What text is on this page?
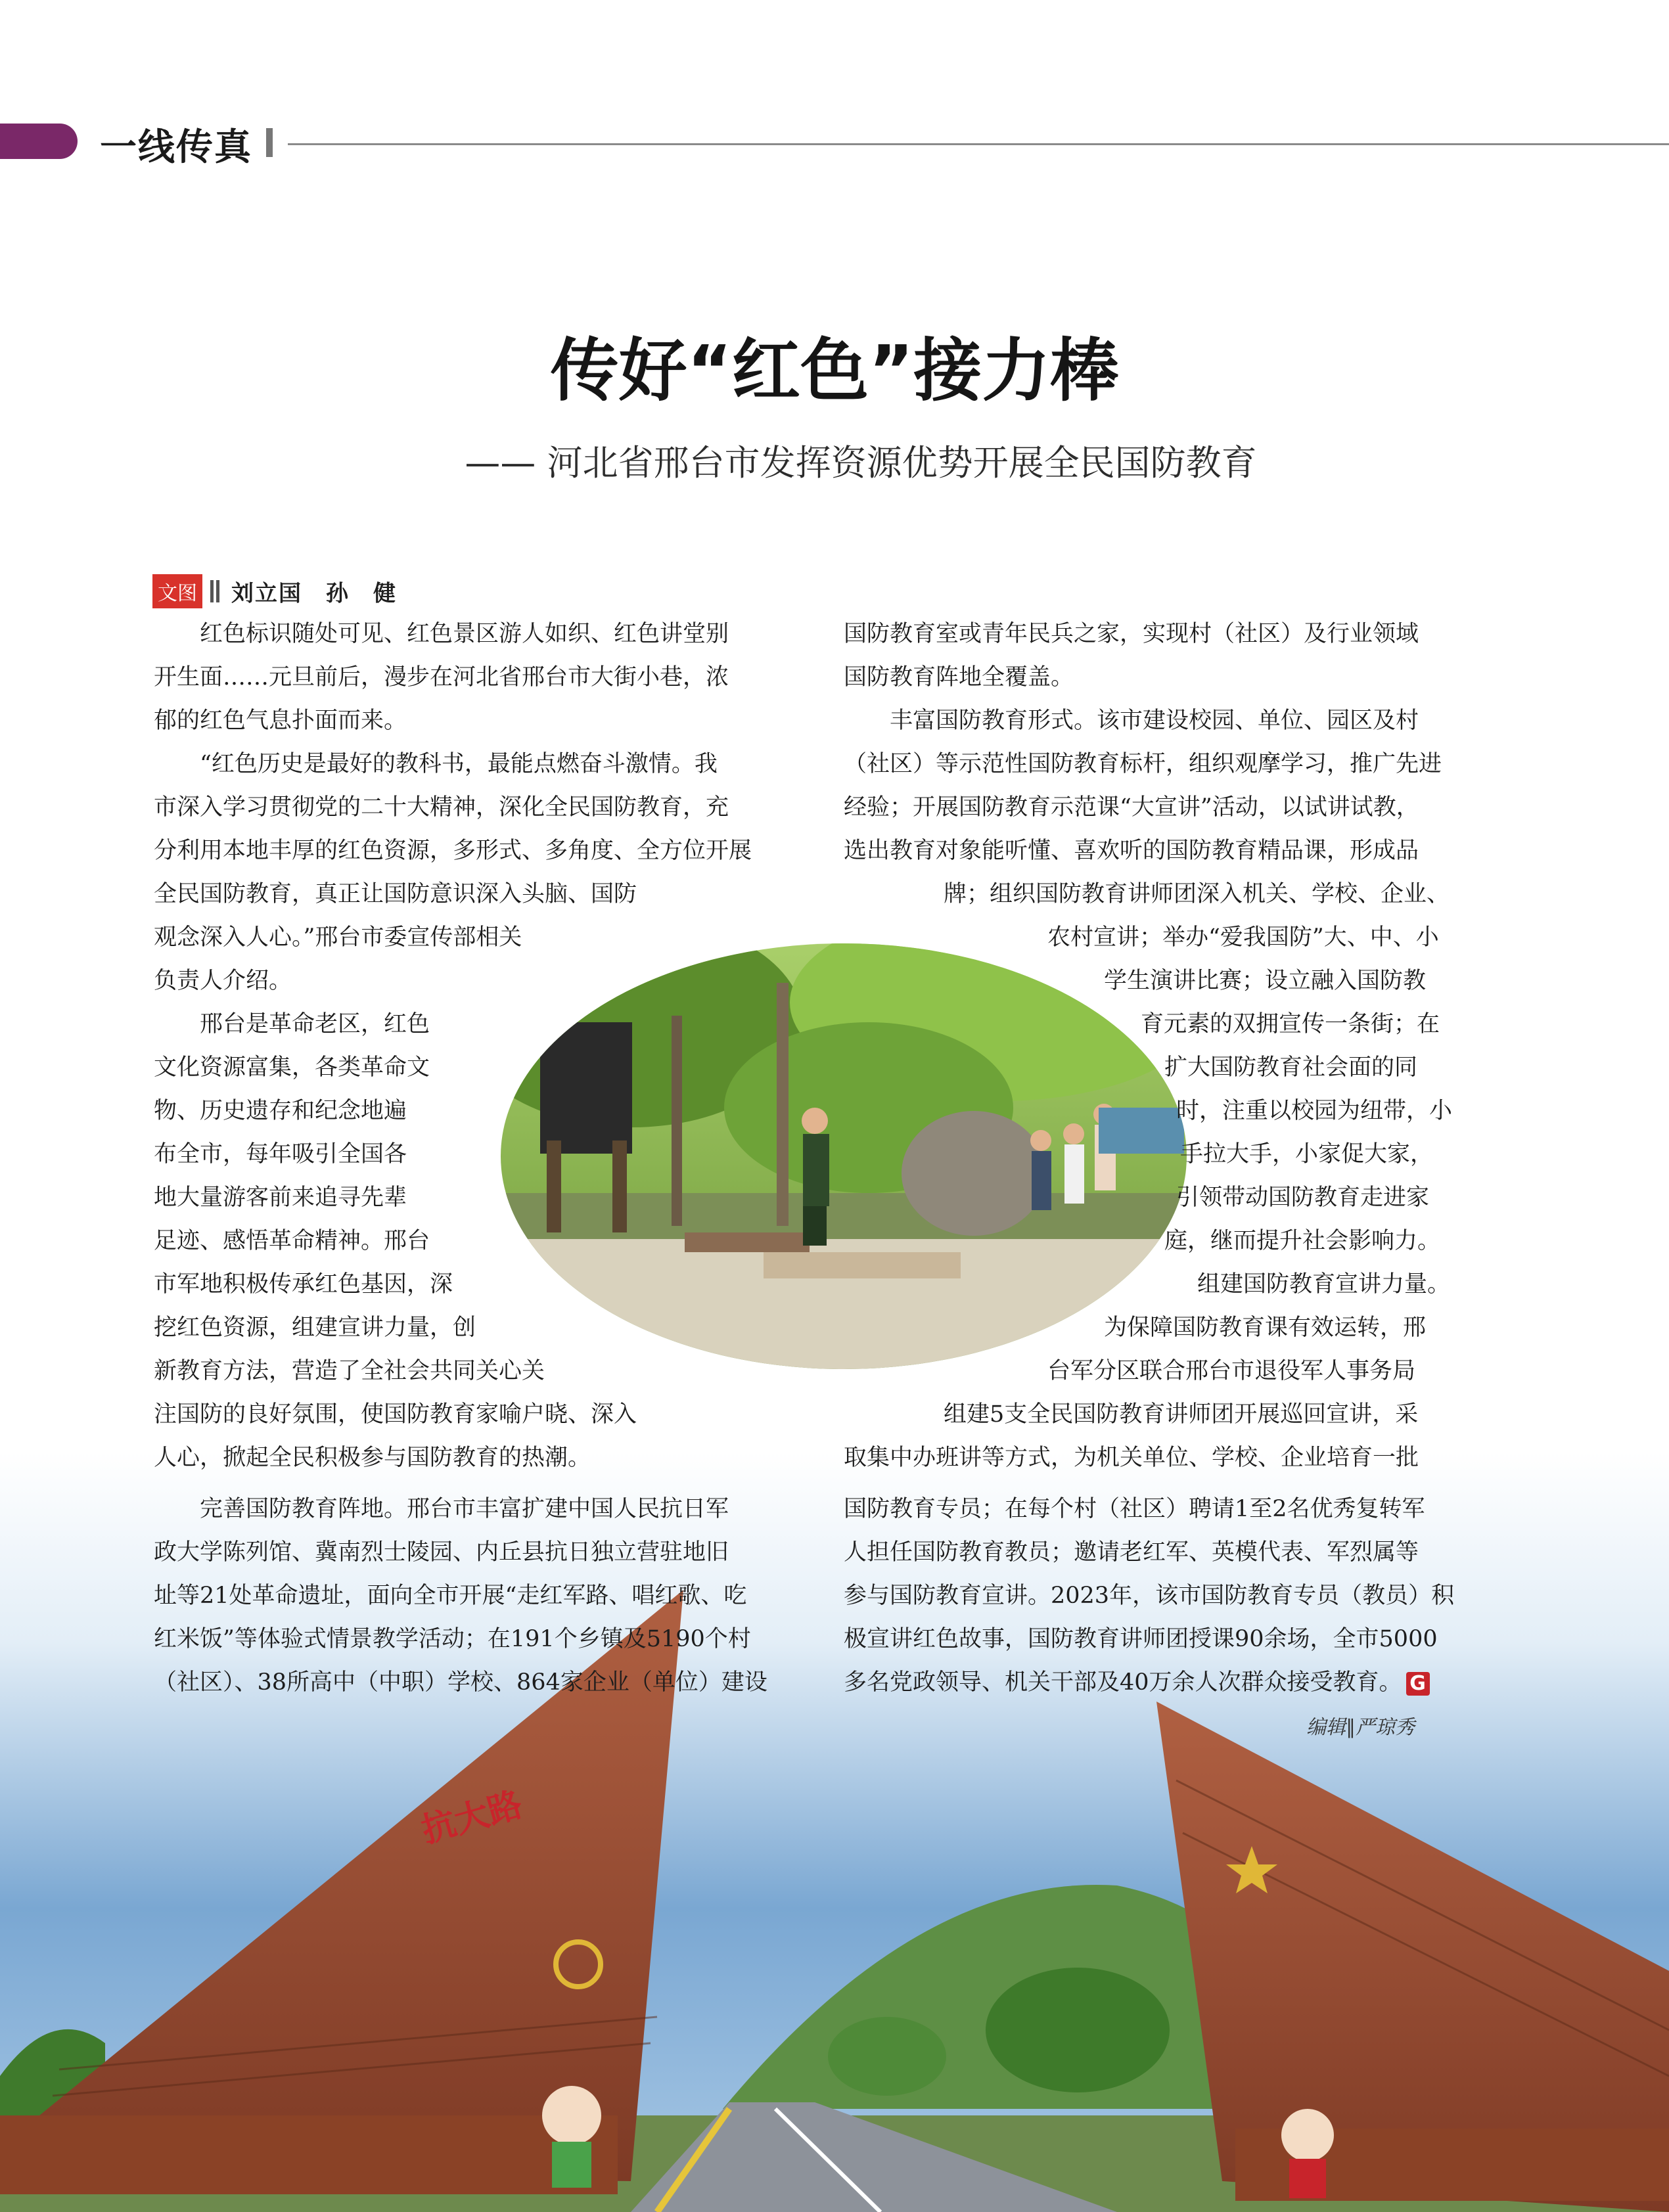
一线传真
传好“红色”接力棒
—— 河北省邢台市发挥资源优势开展全民国防教育
文图 刘立国　孙　健
抗大路
　　红色标识随处可见、红色景区游人如织、红色讲堂别
开生面……元旦前后，漫步在河北省邢台市大街小巷，浓
郁的红色气息扑面而来。
　　“红色历史是最好的教科书，最能点燃奋斗激情。我
市深入学习贯彻党的二十大精神，深化全民国防教育，充
分利用本地丰厚的红色资源，多形式、多角度、全方位开展
全民国防教育，真正让国防意识深入头脑、国防
观念深入人心。”邢台市委宣传部相关
负责人介绍。
　　邢台是革命老区，红色
文化资源富集，各类革命文
物、历史遗存和纪念地遍
布全市，每年吸引全国各
地大量游客前来追寻先辈
足迹、感悟革命精神。邢台
市军地积极传承红色基因，深
挖红色资源，组建宣讲力量，创
新教育方法，营造了全社会共同关心关
注国防的良好氛围，使国防教育家喻户晓、深入
人心，掀起全民积极参与国防教育的热潮。
　　完善国防教育阵地。邢台市丰富扩建中国人民抗日军
政大学陈列馆、冀南烈士陵园、内丘县抗日独立营驻地旧
址等21处革命遗址，面向全市开展“走红军路、唱红歌、吃
红米饭”等体验式情景教学活动；在191个乡镇及5190个村
（社区）、38所高中（中职）学校、864家企业（单位）建设
国防教育室或青年民兵之家，实现村（社区）及行业领域
国防教育阵地全覆盖。
　　丰富国防教育形式。该市建设校园、单位、园区及村
（社区）等示范性国防教育标杆，组织观摩学习，推广先进
经验；开展国防教育示范课“大宣讲”活动，以试讲试教，
选出教育对象能听懂、喜欢听的国防教育精品课，形成品
牌；组织国防教育讲师团深入机关、学校、企业、
农村宣讲；举办“爱我国防”大、中、小
学生演讲比赛；设立融入国防教
育元素的双拥宣传一条街；在
扩大国防教育社会面的同
时，注重以校园为纽带，小
手拉大手，小家促大家，
引领带动国防教育走进家
庭，继而提升社会影响力。
组建国防教育宣讲力量。
为保障国防教育课有效运转，邢
台军分区联合邢台市退役军人事务局
组建5支全民国防教育讲师团开展巡回宣讲，采
取集中办班讲等方式，为机关单位、学校、企业培育一批
国防教育专员；在每个村（社区）聘请1至2名优秀复转军
人担任国防教育教员；邀请老红军、英模代表、军烈属等
参与国防教育宣讲。2023年，该市国防教育专员（教员）积
极宣讲红色故事，国防教育讲师团授课90余场，全市5000
多名党政领导、机关干部及40万余人次群众接受教育。 G
编辑∥严琼秀
